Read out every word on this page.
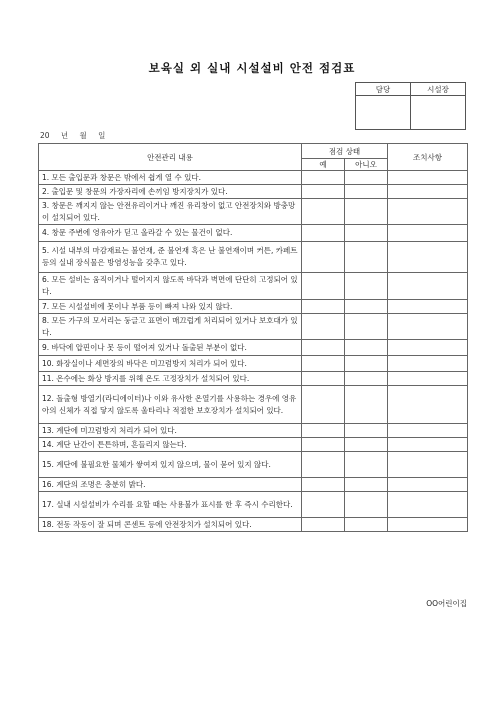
보육실 외 실내 시설설비 안전 점검표
담당	시설장

20 년 월 일
안전관리 내용	점검 상태		조치사항
	예	아니오	
1. 모든 출입문과 창문은 밖에서 쉽게 열 수 있다.			
2. 출입문 및 창문의 가장자리에 손끼임 방지장치가 있다.			
3. 창문은 깨지지 않는 안전유리이거나 깨진 유리창이 없고 안전장치와 방충망이 설치되어 있다.			
4. 창문 주변에 영유아가 딛고 올라갈 수 있는 물건이 없다.			
5. 시설 내부의 마감재료는 불연재, 준 불연재 혹은 난 불연재이며 커튼, 카페트 등의 실내 장식물은 방염성능을 갖추고 있다.			
6. 모든 설비는 움직이거나 떨어지지 않도록 바닥과 벽면에 단단히 고정되어 있다.			
7. 모든 시설설비에 못이나 부품 등이 빠져 나와 있지 않다.			
8. 모든 가구의 모서리는 둥글고 표면이 매끄럽게 처리되어 있거나 보호대가 있다.			
9. 바닥에 압핀이나 못 등이 떨어져 있거나 돌출된 부분이 없다.			
10. 화장실이나 세면장의 바닥은 미끄럼방지 처리가 되어 있다.			
11. 온수에는 화상 방지를 위해 온도 고정장치가 설치되어 있다.			
12. 돌출형 방열기(라디에이터)나 이와 유사한 온열기를 사용하는 경우에 영유아의 신체가 직접 닿지 않도록 울타리나 적절한 보호장치가 설치되어 있다.			
13. 계단에 미끄럼방지 처리가 되어 있다.			
14. 계단 난간이 튼튼하며, 흔들리지 않는다.			
15. 계단에 불필요한 물체가 쌓여져 있지 않으며, 물이 묻어 있지 않다.			
16. 계단의 조명은 충분히 밝다.			
17. 실내 시설설비가 수리를 요할 때는 사용불가 표시를 한 후 즉시 수리한다.			
18. 전동 작동이 잘 되며 콘센트 등에 안전장치가 설치되어 있다.			
OO어린이집
